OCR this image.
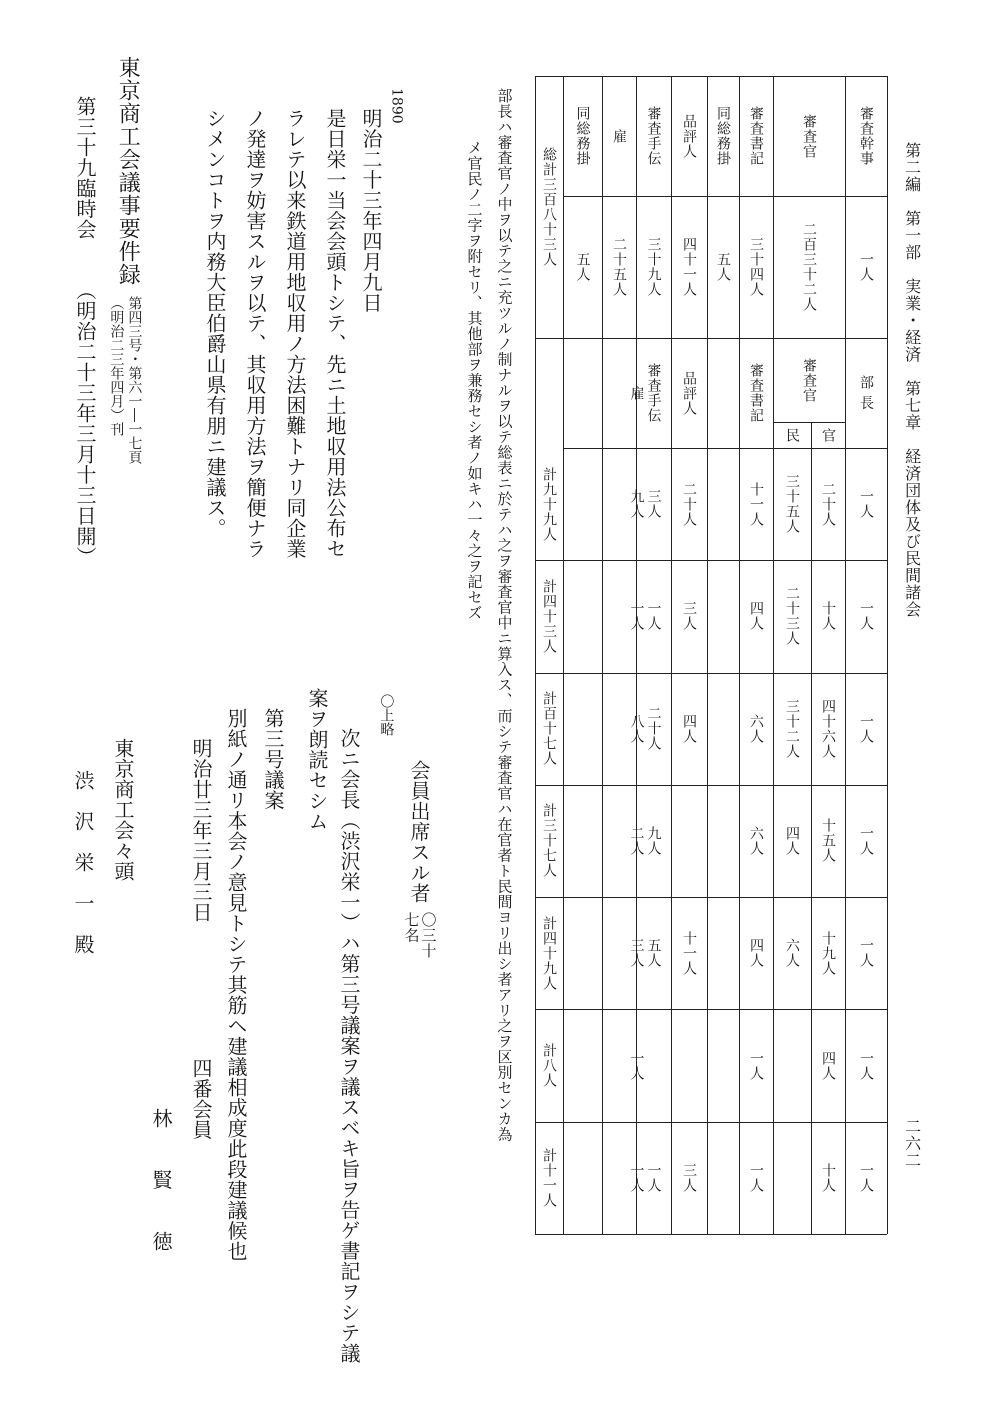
第二編　第一部　実業・経済　第七章　経済団体及び民間諸会
二六二
審査幹事
一人
審査官
二百三十二人
審査書記
三十四人
同総務掛
五人
品評人
四十一人
審査手伝
三十九人
雇
二十五人
同総務掛
五人
総計三百八十三人
部 長
審査官
官
民
審査書記
品評人
審査手伝
雇
一人
二十人
三十五人
十一人
二十人
三人
九人
計九十九人
一人
十人
二十三人
四人
三人
一人
一人
計四十三人
一人
四十六人
三十二人
六人
四人
二十人
八人
計百十七人
一人
十五人
四人
六人
九人
二人
計三十七人
一人
十九人
六人
四人
十一人
五人
三人
計四十九人
一人
四人
一人
一人
計八人
一人
十人
一人
三人
一人
一人
計十一人
部長ハ審査官ノ中ヲ以テ之ニ充ツルノ制ナルヲ以テ総表ニ於テハ之ヲ審査官中ニ算入ス、而シテ審査官ハ在官者ト民間ヨリ出シ者アリ之ヲ区別センカ為
メ官民ノ二字ヲ附セリ、其他部ヲ兼務セシ者ノ如キハ一々之ヲ記セズ
会員出席スル者
〇三十
七名
〇上略
次ニ会長（渋沢栄一）ハ第三号議案ヲ議スベキ旨ヲ告ゲ書記ヲシテ議
案ヲ朗読セシム
第三号議案
別紙ノ通リ本会ノ意見トシテ其筋ヘ建議相成度此段建議候也
明治廿三年三月三日
四番会員
林　　賢　　徳
東京商工会々頭
渋　沢　栄　一　殿
1890
明治二十三年四月九日
是日栄一当会会頭トシテ、先ニ土地収用法公布セ
ラレテ以来鉄道用地収用ノ方法困難トナリ同企業
ノ発達ヲ妨害スルヲ以テ、其収用方法ヲ簡便ナラ
シメンコトヲ内務大臣伯爵山県有朋ニ建議ス。
東京商工会議事要件録
第四三号・第六一―一七頁
（明治二三年四月）刊
第三十九臨時会
（明治二十三年三月十三日開）
